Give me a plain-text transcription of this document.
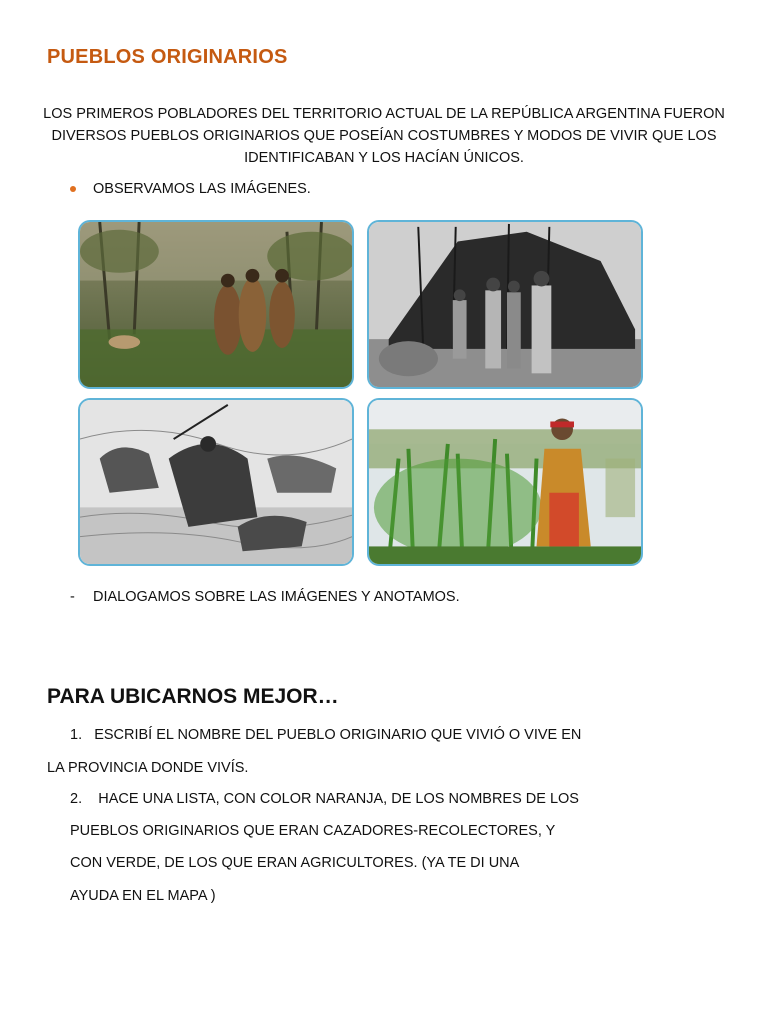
PUEBLOS ORIGINARIOS
LOS PRIMEROS POBLADORES DEL TERRITORIO ACTUAL DE LA REPÚBLICA ARGENTINA FUERON DIVERSOS PUEBLOS ORIGINARIOS QUE POSEÍAN COSTUMBRES Y MODOS DE VIVIR QUE LOS IDENTIFICABAN Y LOS HACÍAN ÚNICOS.
OBSERVAMOS LAS IMÁGENES.
- DIALOGAMOS SOBRE LAS IMÁGENES Y ANOTAMOS.
PARA UBICARNOS MEJOR…
1. ESCRIBÍ EL NOMBRE DEL PUEBLO ORIGINARIO QUE VIVIÓ O VIVE EN
LA PROVINCIA DONDE VIVÍS.
2. HACE UNA LISTA, CON COLOR NARANJA, DE LOS NOMBRES DE LOS
PUEBLOS ORIGINARIOS QUE ERAN CAZADORES-RECOLECTORES, Y
CON VERDE, DE LOS QUE ERAN AGRICULTORES. (YA TE DI UNA
AYUDA EN EL MAPA )
